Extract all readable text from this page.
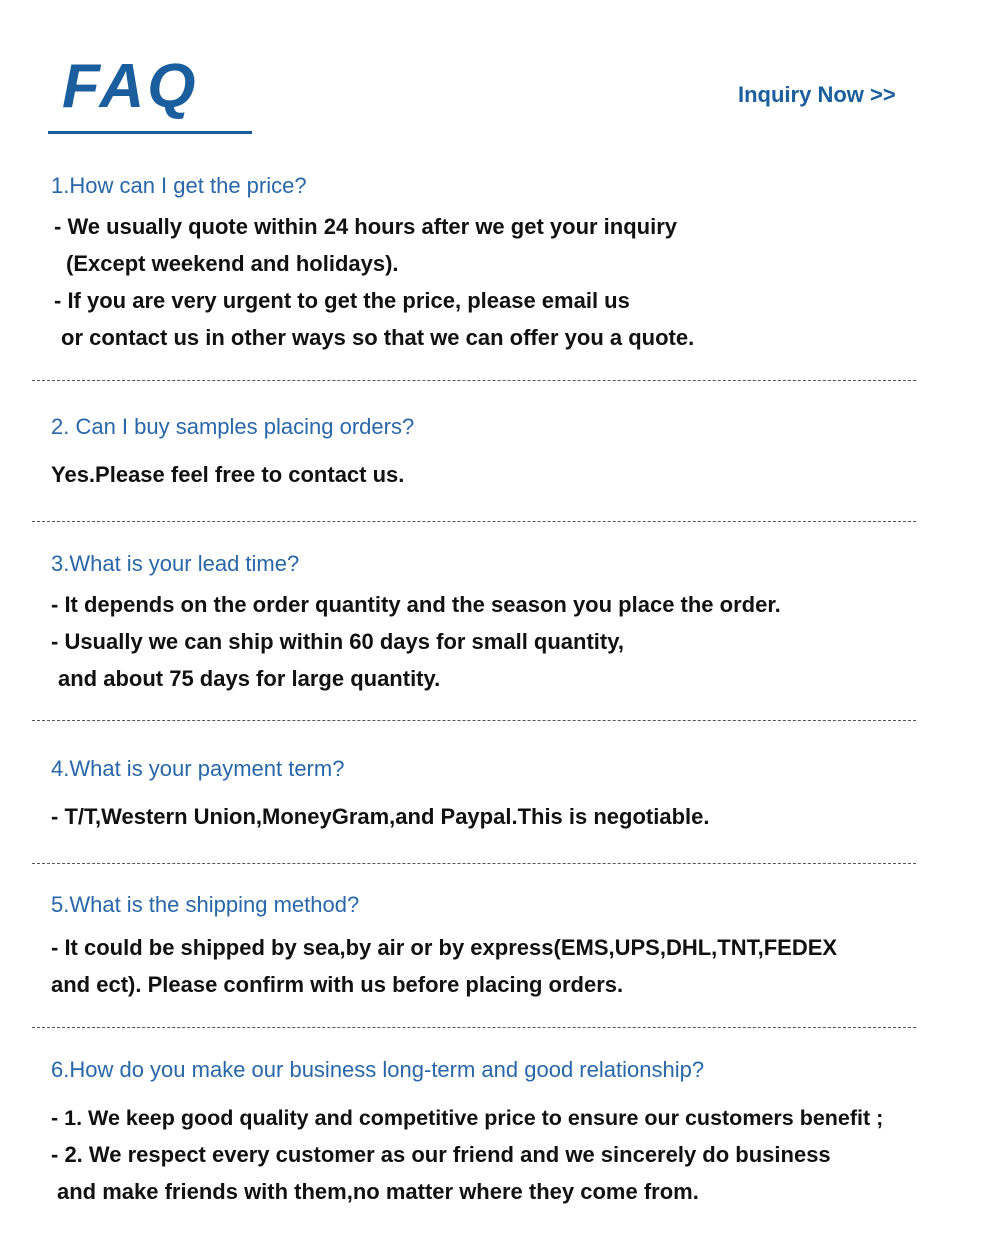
FAQ	Inquiry Now >>
1.How can I get the price?
- We usually quote within 24 hours after we get your inquiry
(Except weekend and holidays).
- If you are very urgent to get the price, please email us
or contact us in other ways so that we can offer you a quote.
2. Can I buy samples placing orders?
Yes.Please feel free to contact us.
3.What is your lead time?
- It depends on the order quantity and the season you place the order.
- Usually we can ship within 60 days for small quantity,
and about 75 days for large quantity.
4.What is your payment term?
- T/T,Western Union,MoneyGram,and Paypal.This is negotiable.
5.What is the shipping method?
- It could be shipped by sea,by air or by express(EMS,UPS,DHL,TNT,FEDEX
and ect). Please confirm with us before placing orders.
6.How do you make our business long-term and good relationship?
- 1. We keep good quality and competitive price to ensure our customers benefit ;
- 2. We respect every customer as our friend and we sincerely do business
and make friends with them,no matter where they come from.
